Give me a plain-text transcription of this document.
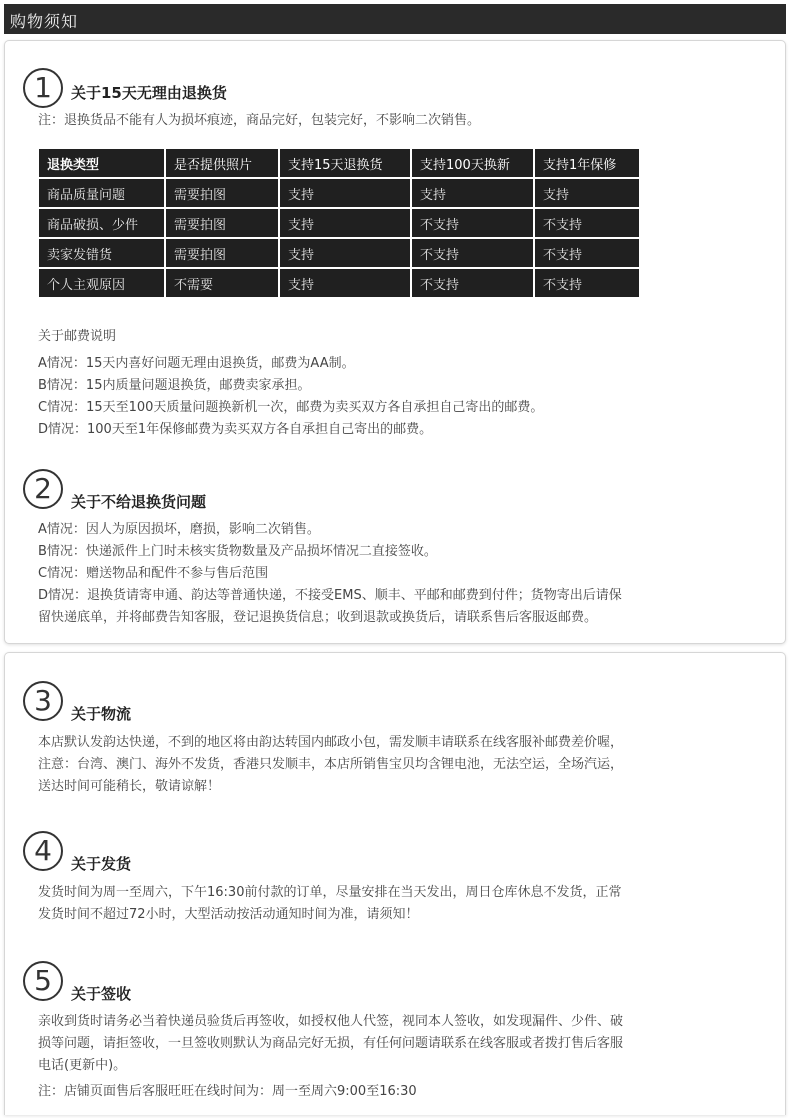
购物须知
1	关于15天无理由退换货
注：退换货品不能有人为损坏痕迹，商品完好，包装完好，不影响二次销售。
退换类型	是否提供照片	支持15天退换货	支持100天换新	支持1年保修
商品质量问题	需要拍图	支持	支持	支持
商品破损、少件	需要拍图	支持	不支持	不支持
卖家发错货	需要拍图	支持	不支持	不支持
个人主观原因	不需要	支持	不支持	不支持
关于邮费说明
A情况：15天内喜好问题无理由退换货，邮费为AA制。
B情况：15内质量问题退换货，邮费卖家承担。
C情况：15天至100天质量问题换新机一次，邮费为卖买双方各自承担自己寄出的邮费。
D情况：100天至1年保修邮费为卖买双方各自承担自己寄出的邮费。
2	关于不给退换货问题
A情况：因人为原因损坏，磨损，影响二次销售。
B情况：快递派件上门时未核实货物数量及产品损坏情况二直接签收。
C情况：赠送物品和配件不参与售后范围
D情况：退换货请寄申通、韵达等普通快递，不接受EMS、顺丰、平邮和邮费到付件；货物寄出后请保
留快递底单，并将邮费告知客服，登记退换货信息；收到退款或换货后，请联系售后客服返邮费。
3	关于物流
本店默认发韵达快递，不到的地区将由韵达转国内邮政小包，需发顺丰请联系在线客服补邮费差价喔，
注意：台湾、澳门、海外不发货，香港只发顺丰，本店所销售宝贝均含锂电池，无法空运，全场汽运，
送达时间可能稍长，敬请谅解！
4	关于发货
发货时间为周一至周六，下午16:30前付款的订单，尽量安排在当天发出，周日仓库休息不发货，正常
发货时间不超过72小时，大型活动按活动通知时间为准，请须知！
5	关于签收
亲收到货时请务必当着快递员验货后再签收，如授权他人代签，视同本人签收，如发现漏件、少件、破
损等问题，请拒签收，一旦签收则默认为商品完好无损，有任何问题请联系在线客服或者拨打售后客服
电话(更新中)。
注：店铺页面售后客服旺旺在线时间为：周一至周六9:00至16:30
